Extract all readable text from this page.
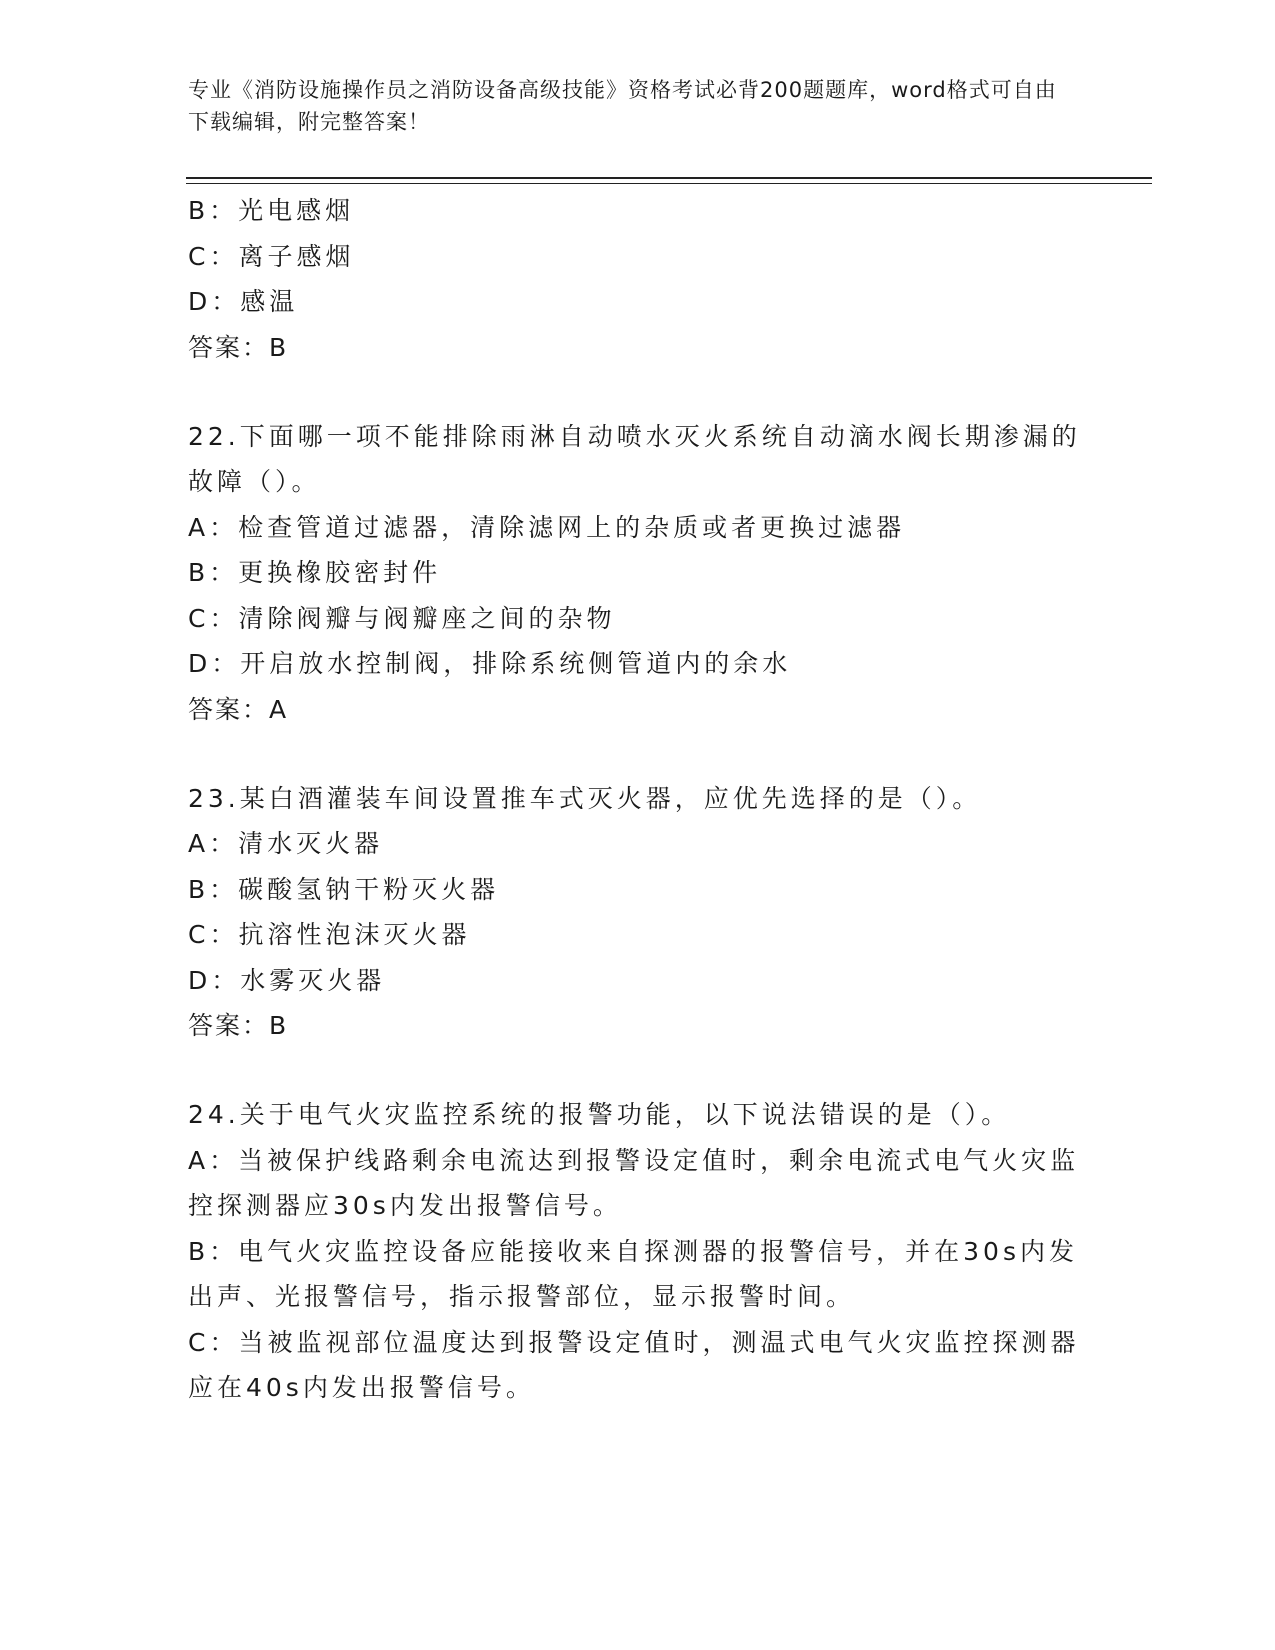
专业《消防设施操作员之消防设备高级技能》资格考试必背200题题库，word格式可自由下载编辑，附完整答案！
B：光电感烟
C：离子感烟
D：感温
答案：B
22.下面哪一项不能排除雨淋自动喷水灭火系统自动滴水阀长期渗漏的
故障（）。
A：检查管道过滤器，清除滤网上的杂质或者更换过滤器
B：更换橡胶密封件
C：清除阀瓣与阀瓣座之间的杂物
D：开启放水控制阀，排除系统侧管道内的余水
答案：A
23.某白酒灌装车间设置推车式灭火器，应优先选择的是（）。
A：清水灭火器
B：碳酸氢钠干粉灭火器
C：抗溶性泡沫灭火器
D：水雾灭火器
答案：B
24.关于电气火灾监控系统的报警功能，以下说法错误的是（）。
A：当被保护线路剩余电流达到报警设定值时，剩余电流式电气火灾监
控探测器应30s内发出报警信号。
B：电气火灾监控设备应能接收来自探测器的报警信号，并在30s内发
出声、光报警信号，指示报警部位，显示报警时间。
C：当被监视部位温度达到报警设定值时，测温式电气火灾监控探测器
应在40s内发出报警信号。
